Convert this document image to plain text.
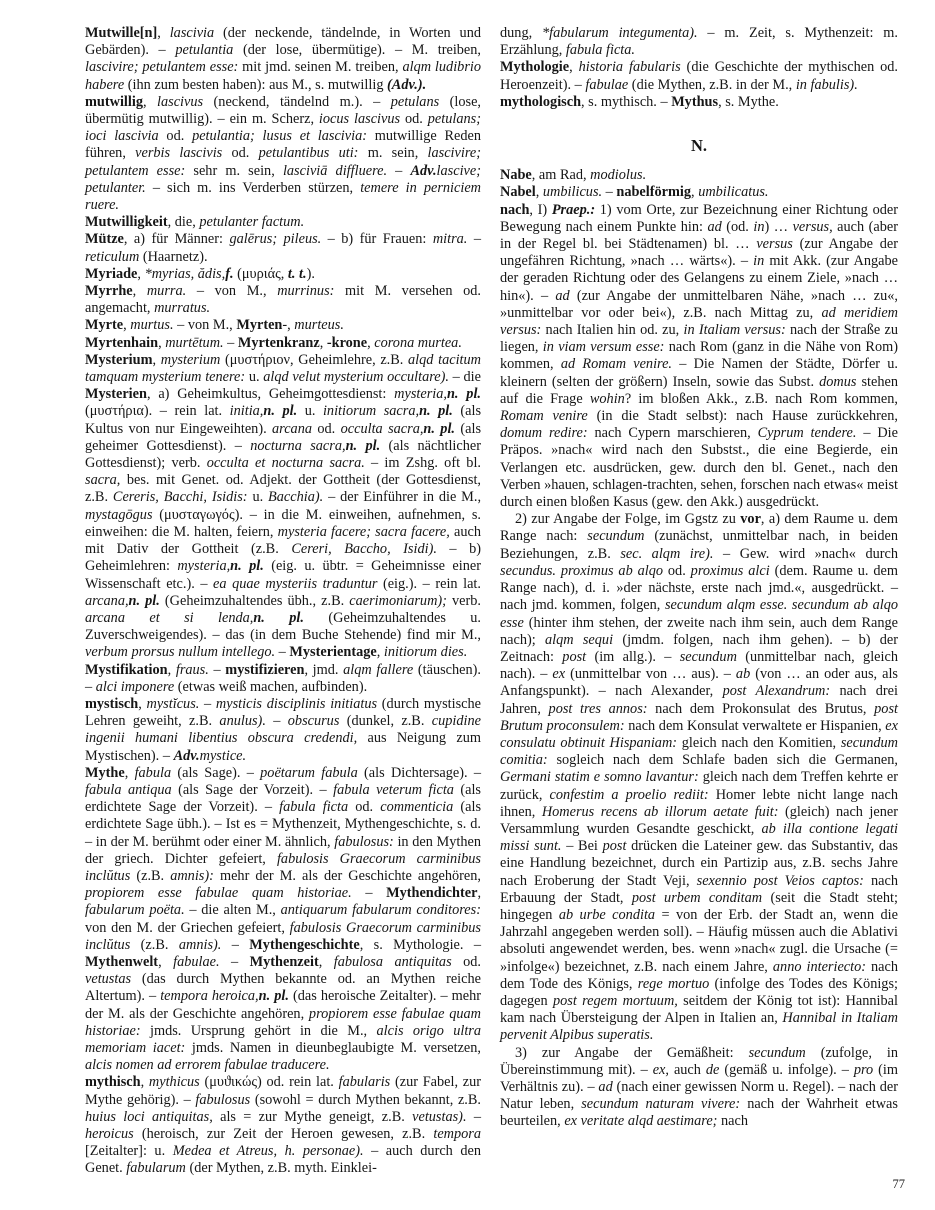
Mutwille[n], lascivia (der neckende, tändelnde, in Worten und Gebärden). – petulantia (der lose, übermütige). – M. treiben, lascivire; petulantem esse: mit jmd. seinen M. treiben, alqm ludibrio habere (ihn zum besten haben): aus M., s. mutwillig (Adv.).
mutwillig, lascivus (neckend, tändelnd m.). – petulans (lose, übermütig mutwillig). – ein m. Scherz, iocus lascivus od. petulans; ioci lascivia od. petulantia; lusus et lascivia: mutwillige Reden führen, verbis lascivis od. petulantibus uti: m. sein, lascivire; petulantem esse: sehr m. sein, lasciviā diffluere. – Adv.lascive; petulanter. – sich m. ins Verderben stürzen, temere in perniciem ruere.
Mutwilligkeit, die, petulanter factum.
Mütze, a) für Männer: galērus; pileus. – b) für Frauen: mitra. – reticulum (Haarnetz).
Myriade, *myrias, ădis,f. (μυριάς, t. t.).
Myrrhe, murra. – von M., murrinus: mit M. versehen od. angemacht, murratus.
Myrte, murtus. – von M., Myrten-, murteus.
Myrtenhain, murtētum. – Myrtenkranz, -krone, corona murtea.
Mysterium, mysterium (μυστήριον, Geheimlehre, z.B. alqd tacitum tamquam mysterium tenere: u. alqd velut mysterium occultare). – die Mysterien, a) Geheimkultus, Geheimgottesdienst: mysteria,n. pl. (μυστήρια). – rein lat. initia,n. pl. u. initiorum sacra,n. pl. (als Kultus von nur Eingeweihten). arcana od. occulta sacra,n. pl. (als geheimer Gottesdienst). – nocturna sacra,n. pl. (als nächtlicher Gottesdienst); verb. occulta et nocturna sacra. – im Zshg. oft bl. sacra, bes. mit Genet. od. Adjekt. der Gottheit (der Gottesdienst, z.B. Cereris, Bacchi, Isidis: u. Bacchia). – der Einführer in die M., mystagōgus (μυσταγωγός). – in die M. einweihen, aufnehmen, s. einweihen: die M. halten, feiern, mysteria facere; sacra facere, auch mit Dativ der Gottheit (z.B. Cereri, Baccho, Isidi). – b) Geheimlehren: mysteria,n. pl. (eig. u. übtr. = Geheimnisse einer Wissenschaft etc.). – ea quae mysteriis traduntur (eig.). – rein lat. arcana,n. pl. (Geheimzuhaltendes übh., z.B. caerimoniarum); verb. arcana et si lenda,n. pl. (Geheimzuhaltendes u. Zuverschweigendes). – das (in dem Buche Stehende) find mir M., verbum prorsus nullum intellego. – Mysterientage, initiorum dies.
Mystifikation, fraus. – mystifizieren, jmd. alqm fallere (täuschen). – alci imponere (etwas weiß machen, aufbinden).
mystisch, mystĭcus. – mysticis disciplinis initiatus (durch mystische Lehren geweiht, z.B. anulus). – obscurus (dunkel, z.B. cupidine ingenii humani libentius obscura credendi, aus Neigung zum Mystischen). – Adv.mystice.
Mythe, fabula (als Sage). – poëtarum fabula (als Dichtersage). – fabula antiqua (als Sage der Vorzeit). – fabula veterum ficta (als erdichtete Sage der Vorzeit). – fabula ficta od. commenticia (als erdichtete Sage übh.). – Ist es = Mythenzeit, Mythengeschichte, s. d. – in der M. berühmt oder einer M. ähnlich, fabulosus: in den Mythen der griech. Dichter gefeiert, fabulosis Graecorum carminibus inclŭtus (z.B. amnis): mehr der M. als der Geschichte angehören, propiorem esse fabulae quam historiae. – Mythendichter, fabularum poëta. – die alten M., antiquarum fabularum conditores: von den M. der Griechen gefeiert, fabulosis Graecorum carminibus inclŭtus (z.B. amnis). – Mythengeschichte, s. Mythologie. – Mythenwelt, fabulae. – Mythenzeit, fabulosa antiquitas od. vetustas (das durch Mythen bekannte od. an Mythen reiche Altertum). – tempora heroica,n. pl. (das heroische Zeitalter). – mehr der M. als der Geschichte angehören, propiorem esse fabulae quam historiae: jmds. Ursprung gehört in die M., alcis origo ultra memoriam iacet: jmds. Namen in dieunbeglaubigte M. versetzen, alcis nomen ad errorem fabulae traducere.
mythisch, mythicus (μυϑικώς) od. rein lat. fabularis (zur Fabel, zur Mythe gehörig). – fabulosus (sowohl = durch Mythen bekannt, z.B. huius loci antiquitas, als = zur Mythe geneigt, z.B. vetustas). – heroicus (heroisch, zur Zeit der Heroen gewesen, z.B. tempora [Zeitalter]: u. Medea et Atreus, h. personae). – auch durch den Genet. fabularum (der Mythen, z.B. myth. Einklei-
dung, *fabularum integumenta). – m. Zeit, s. Mythenzeit: m. Erzählung, fabula ficta.
Mythologie, historia fabularis (die Geschichte der mythischen od. Heroenzeit). – fabulae (die Mythen, z.B. in der M., in fabulis).
mythologisch, s. mythisch. – Mythus, s. Mythe.
N.
Nabe, am Rad, modiolus.
Nabel, umbilicus. – nabelförmig, umbilicatus.
nach, I) Praep.: 1) vom Orte, zur Bezeichnung einer Richtung oder Bewegung nach einem Punkte hin: ad (od. in) … versus, auch (aber in der Regel bl. bei Städtenamen) bl. … versus (zur Angabe der ungefähren Richtung, »nach … wärts«). – in mit Akk. (zur Angabe der geraden Richtung oder des Gelangens zu einem Ziele, »nach … hin«). – ad (zur Angabe der unmittelbaren Nähe, »nach … zu«, »unmittelbar vor oder bei«), z.B. nach Mittag zu, ad meridiem versus: nach Italien hin od. zu, in Italiam versus: nach der Straße zu liegen, in viam versum esse: nach Rom (ganz in die Nähe von Rom) kommen, ad Romam venire. – Die Namen der Städte, Dörfer u. kleinern (selten der größern) Inseln, sowie das Subst. domus stehen auf die Frage wohin? im bloßen Akk., z.B. nach Rom kommen, Romam venire (in die Stadt selbst): nach Hause zurückkehren, domum redire: nach Cypern marschieren, Cyprum tendere. – Die Präpos. »nach« wird nach den Substst., die eine Begierde, ein Verlangen etc. ausdrücken, gew. durch den bl. Genet., nach den Verben »hauen, schlagen-trachten, sehen, forschen nach etwas« meist durch einen bloßen Kasus (gew. den Akk.) ausgedrückt.
2) zur Angabe der Folge, im Ggstz zu vor, a) dem Raume u. dem Range nach: secundum (zunächst, unmittelbar nach, in beiden Beziehungen, z.B. sec. alqm ire). – Gew. wird »nach« durch secundus. proximus ab alqo od. proximus alci (dem. Raume u. dem Range nach), d. i. »der nächste, erste nach jmd.«, ausgedrückt. – nach jmd. kommen, folgen, secundum alqm esse. secundum ab alqo esse (hinter ihm stehen, der zweite nach ihm sein, auch dem Range nach); alqm sequi (jmdm. folgen, nach ihm gehen). – b) der Zeitnach: post (im allg.). – secundum (unmittelbar nach, gleich nach). – ex (unmittelbar von … aus). – ab (von … an oder aus, als Anfangspunkt). – nach Alexander, post Alexandrum: nach drei Jahren, post tres annos: nach dem Prokonsulat des Brutus, post Brutum proconsulem: nach dem Konsulat verwaltete er Hispanien, ex consulatu obtinuit Hispaniam: gleich nach den Komitien, secundum comitia: sogleich nach dem Schlafe baden sich die Germanen, Germani statim e somno lavantur: gleich nach dem Treffen kehrte er zurück, confestim a proelio rediit: Homer lebte nicht lange nach ihnen, Homerus recens ab illorum aetate fuit: (gleich) nach jener Versammlung wurden Gesandte geschickt, ab illa contione legati missi sunt. – Bei post drücken die Lateiner gew. das Substantiv, das eine Handlung bezeichnet, durch ein Partizip aus, z.B. sechs Jahre nach Eroberung der Stadt Veji, sexennio post Veios captos: nach Erbauung der Stadt, post urbem conditam (seit die Stadt steht; hingegen ab urbe condita = von der Erb. der Stadt an, wenn die Jahrzahl angegeben werden soll). – Häufig müssen auch die Ablativi absoluti angewendet werden, bes. wenn »nach« zugl. die Ursache (= »infolge«) bezeichnet, z.B. nach einem Jahre, anno interiecto: nach dem Tode des Königs, rege mortuo (infolge des Todes des Königs; dagegen post regem mortuum, seitdem der König tot ist): Hannibal kam nach Übersteigung der Alpen in Italien an, Hannibal in Italiam pervenit Alpibus superatis.
3) zur Angabe der Gemäßheit: secundum (zufolge, in Übereinstimmung mit). – ex, auch de (gemäß u. infolge). – pro (im Verhältnis zu). – ad (nach einer gewissen Norm u. Regel). – nach der Natur leben, secundum naturam vivere: nach der Wahrheit etwas beurteilen, ex veritate alqd aestimare; nach
77
